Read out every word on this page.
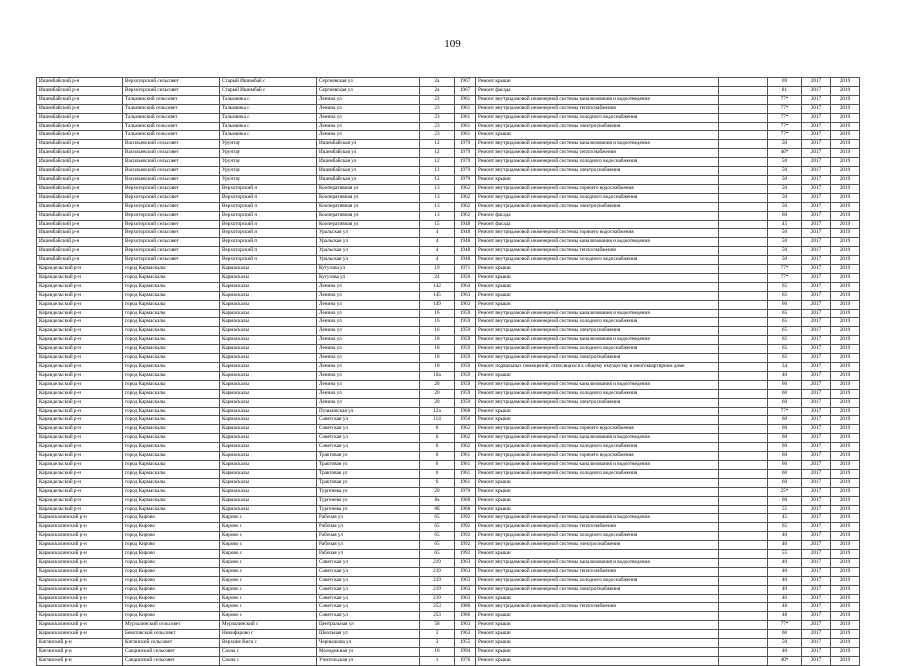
109
Ишимбайский р-н	Верхоторский сельсовет	Старый Ишимбай с	Сергиевская ул	2а	1967	Ремонт крыши		69	2017	2019
Ишимбайский р-н	Верхоторский сельсовет	Старый Ишимбай с	Сергиевская ул	2а	1967	Ремонт фасада		81	2017	2019
Ишимбайский р-н	Тальминский сельсовет	Тальминка с	Ленина ул	23	1961	Ремонт внутридомовой инженерной системы канализования и водоотведения		77*	2017	2019
Ишимбайский р-н	Тальминский сельсовет	Тальминка с	Ленина ул	23	1961	Ремонт внутридомовой инженерной системы теплоснабжения		77*	2017	2019
Ишимбайский р-н	Тальминский сельсовет	Тальминка с	Ленина ул	23	1961	Ремонт внутридомовой инженерной системы холодного водоснабжения		77*	2017	2019
Ишимбайский р-н	Тальминский сельсовет	Тальминка с	Ленина ул	23	1961	Ремонт внутридомовой инженерной системы электроснабжения		77*	2017	2019
Ишимбайский р-н	Тальминский сельсовет	Тальминка с	Ленина ул	23	1961	Ремонт крыши		77*	2017	2019
Ишимбайский р-н	Васильевский сельсовет	Урунтау	Ишимбайская ул	12	1979	Ремонт внутридомовой инженерной системы канализования и водоотведения		50	2017	2019
Ишимбайский р-н	Васильевский сельсовет	Урунтау	Ишимбайская ул	12	1979	Ремонт внутридомовой инженерной системы теплоснабжения		46*	2017	2019
Ишимбайский р-н	Васильевский сельсовет	Урунтау	Ишимбайская ул	12	1979	Ремонт внутридомовой инженерной системы холодного водоснабжения		50	2017	2019
Ишимбайский р-н	Васильевский сельсовет	Урунтау	Ишимбайская ул	12	1979	Ремонт внутридомовой инженерной системы электроснабжения		50	2017	2019
Ишимбайский р-н	Васильевский сельсовет	Урунтау	Ишимбайская ул	12	1979	Ремонт крыши		50	2017	2019
Ишимбайский р-н	Верхоторский сельсовет	Верхоторский п	Кооперативная ул	13	1962	Ремонт внутридомовой инженерной системы горячего водоснабжения		50	2017	2019
Ишимбайский р-н	Верхоторский сельсовет	Верхоторский п	Кооперативная ул	13	1962	Ремонт внутридомовой инженерной системы холодного водоснабжения		50	2017	2019
Ишимбайский р-н	Верхоторский сельсовет	Верхоторский п	Кооперативная ул	13	1962	Ремонт внутридомовой инженерной системы электроснабжения		50	2017	2019
Ишимбайский р-н	Верхоторский сельсовет	Верхоторский п	Кооперативная ул	13	1962	Ремонт фасада		60	2017	2019
Ишимбайский р-н	Верхоторский сельсовет	Верхоторский п	Кооперативная ул	15	1948	Ремонт фасада		45	2017	2019
Ишимбайский р-н	Верхоторский сельсовет	Верхоторский п	Уральская ул	4	1948	Ремонт внутридомовой инженерной системы горячего водоснабжения		50	2017	2019
Ишимбайский р-н	Верхоторский сельсовет	Верхоторский п	Уральская ул	4	1948	Ремонт внутридомовой инженерной системы канализования и водоотведения		50	2017	2019
Ишимбайский р-н	Верхоторский сельсовет	Верхоторский п	Уральская ул	4	1948	Ремонт внутридомовой инженерной системы теплоснабжения		50	2017	2019
Ишимбайский р-н	Верхоторский сельсовет	Верхоторский п	Уральская ул	4	1948	Ремонт внутридомовой инженерной системы холодного водоснабжения		50	2017	2019
Караидельский р-н	город Кармаскалы	Кармаскалы	Кутузова ул	19	1971	Ремонт крыши		77*	2017	2019
Караидельский р-н	город Кармаскалы	Кармаскалы	Кутузова ул	24	1956	Ремонт крыши		77*	2017	2019
Караидельский р-н	город Кармаскалы	Кармаскалы	Ленина ул	142	1964	Ремонт крыши		65	2017	2019
Караидельский р-н	город Кармаскалы	Кармаскалы	Ленина ул	145	1963	Ремонт крыши		65	2017	2019
Караидельский р-н	город Кармаскалы	Кармаскалы	Ленина ул	149	1963	Ремонт крыши		60	2017	2019
Караидельский р-н	город Кармаскалы	Кармаскалы	Ленина ул	16	1959	Ремонт внутридомовой инженерной системы канализования и водоотведения		65	2017	2019
Караидельский р-н	город Кармаскалы	Кармаскалы	Ленина ул	16	1959	Ремонт внутридомовой инженерной системы холодного водоснабжения		65	2017	2019
Караидельский р-н	город Кармаскалы	Кармаскалы	Ленина ул	16	1959	Ремонт внутридомовой инженерной системы электроснабжения		65	2017	2019
Караидельский р-н	город Кармаскалы	Кармаскалы	Ленина ул	18	1959	Ремонт внутридомовой инженерной системы канализования и водоотведения		65	2017	2019
Караидельский р-н	город Кармаскалы	Кармаскалы	Ленина ул	18	1959	Ремонт внутридомовой инженерной системы холодного водоснабжения		65	2017	2019
Караидельский р-н	город Кармаскалы	Кармаскалы	Ленина ул	18	1959	Ремонт внутридомовой инженерной системы электроснабжения		65	2017	2019
Караидельский р-н	город Кармаскалы	Кармаскалы	Ленина ул	18	1959	Ремонт подвальных помещений, относящихся к общему имуществу в многоквартирном доме		34	2017	2019
Караидельский р-н	город Кармаскалы	Кармаскалы	Ленина ул	18а	1959	Ремонт крыши		40	2017	2019
Караидельский р-н	город Кармаскалы	Кармаскалы	Ленина ул	20	1959	Ремонт внутридомовой инженерной системы канализования и водоотведения		60	2017	2019
Караидельский р-н	город Кармаскалы	Кармаскалы	Ленина ул	20	1959	Ремонт внутридомовой инженерной системы холодного водоснабжения		60	2017	2019
Караидельский р-н	город Кармаскалы	Кармаскалы	Ленина ул	20	1959	Ремонт внутридомовой инженерной системы электроснабжения		60	2017	2019
Караидельский р-н	город Кармаскалы	Кармаскалы	Пушкинская ул	12а	1968	Ремонт крыши		77*	2017	2019
Караидельский р-н	город Кармаскалы	Кармаскалы	Советская ул	114	1956	Ремонт крыши		60	2017	2019
Караидельский р-н	город Кармаскалы	Кармаскалы	Советская ул	6	1962	Ремонт внутридомовой инженерной системы горячего водоснабжения		60	2017	2019
Караидельский р-н	город Кармаскалы	Кармаскалы	Советская ул	6	1962	Ремонт внутридомовой инженерной системы канализования и водоотведения		60	2017	2019
Караидельский р-н	город Кармаскалы	Кармаскалы	Советская ул	6	1962	Ремонт внутридомовой инженерной системы холодного водоснабжения		60	2017	2019
Караидельский р-н	город Кармаскалы	Кармаскалы	Трактовая ул	6	1961	Ремонт внутридомовой инженерной системы горячего водоснабжения		60	2017	2019
Караидельский р-н	город Кармаскалы	Кармаскалы	Трактовая ул	6	1961	Ремонт внутридомовой инженерной системы канализования и водоотведения		60	2017	2019
Караидельский р-н	город Кармаскалы	Кармаскалы	Трактовая ул	6	1961	Ремонт внутридомовой инженерной системы холодного водоснабжения		60	2017	2019
Караидельский р-н	город Кармаскалы	Кармаскалы	Трактовая ул	6	1961	Ремонт крыши		60	2017	2019
Караидельский р-н	город Кармаскалы	Кармаскалы	Тургенева ул	20	1970	Ремонт крыши		25*	2017	2019
Караидельский р-н	город Кармаскалы	Кармаскалы	Тургенева ул	8а	1968	Ремонт крыши		60	2017	2019
Караидельский р-н	город Кармаскалы	Кармаскалы	Тургенева ул	8б	1968	Ремонт крыши		55	2017	2019
Кармаскалинский р-н	город Кирово	Кирово с	Рабочая ул	65	1992	Ремонт внутридомовой инженерной системы канализования и водоотведения		45	2017	2019
Кармаскалинский р-н	город Кирово	Кирово с	Рабочая ул	65	1992	Ремонт внутридомовой инженерной системы теплоснабжения		65	2017	2019
Кармаскалинский р-н	город Кирово	Кирово с	Рабочая ул	65	1992	Ремонт внутридомовой инженерной системы холодного водоснабжения		40	2017	2019
Кармаскалинский р-н	город Кирово	Кирово с	Рабочая ул	65	1992	Ремонт внутридомовой инженерной системы электроснабжения		40	2017	2019
Кармаскалинский р-н	город Кирово	Кирово с	Рабочая ул	65	1992	Ремонт крыши		55	2017	2019
Кармаскалинский р-н	город Кирово	Кирово с	Советская ул	219	1963	Ремонт внутридомовой инженерной системы канализования и водоотведения		40	2017	2019
Кармаскалинский р-н	город Кирово	Кирово с	Советская ул	219	1963	Ремонт внутридомовой инженерной системы теплоснабжения		40	2017	2019
Кармаскалинский р-н	город Кирово	Кирово с	Советская ул	219	1963	Ремонт внутридомовой инженерной системы холодного водоснабжения		40	2017	2019
Кармаскалинский р-н	город Кирово	Кирово с	Советская ул	219	1963	Ремонт внутридомовой инженерной системы электроснабжения		40	2017	2019
Кармаскалинский р-н	город Кирово	Кирово с	Советская ул	219	1963	Ремонт крыши		40	2017	2019
Кармаскалинский р-н	город Кирово	Кирово с	Советская ул	253	1986	Ремонт внутридомовой инженерной системы теплоснабжения		48	2017	2019
Кармаскалинский р-н	город Кирово	Кирово с	Советская ул	253	1986	Ремонт крыши		48	2017	2019
Кармаскалинский р-н	Мурзалинский сельсовет	Мурзалинский с	Центральная ул	58	1963	Ремонт крыши		77*	2017	2019
Кармаскалинский р-н	Бекетовский сельсовет	Никифарово с	Школьная ул	3	1963	Ремонт крыши		60	2017	2019
Кигинский р-н	Кигинский сельсовет	Верхние Киги с	Чернышова ул	3	1955	Ремонт крыши		50	2017	2019
Кигинский р-н	Сандинский сельсовет	Сахна с	Молодежная ул	10	1994	Ремонт крыши		40	2017	2019
Кигинский р-н	Сандинский сельсовет	Сахна с	Учительская ул	1	1976	Ремонт крыши		40*	2017	2019
